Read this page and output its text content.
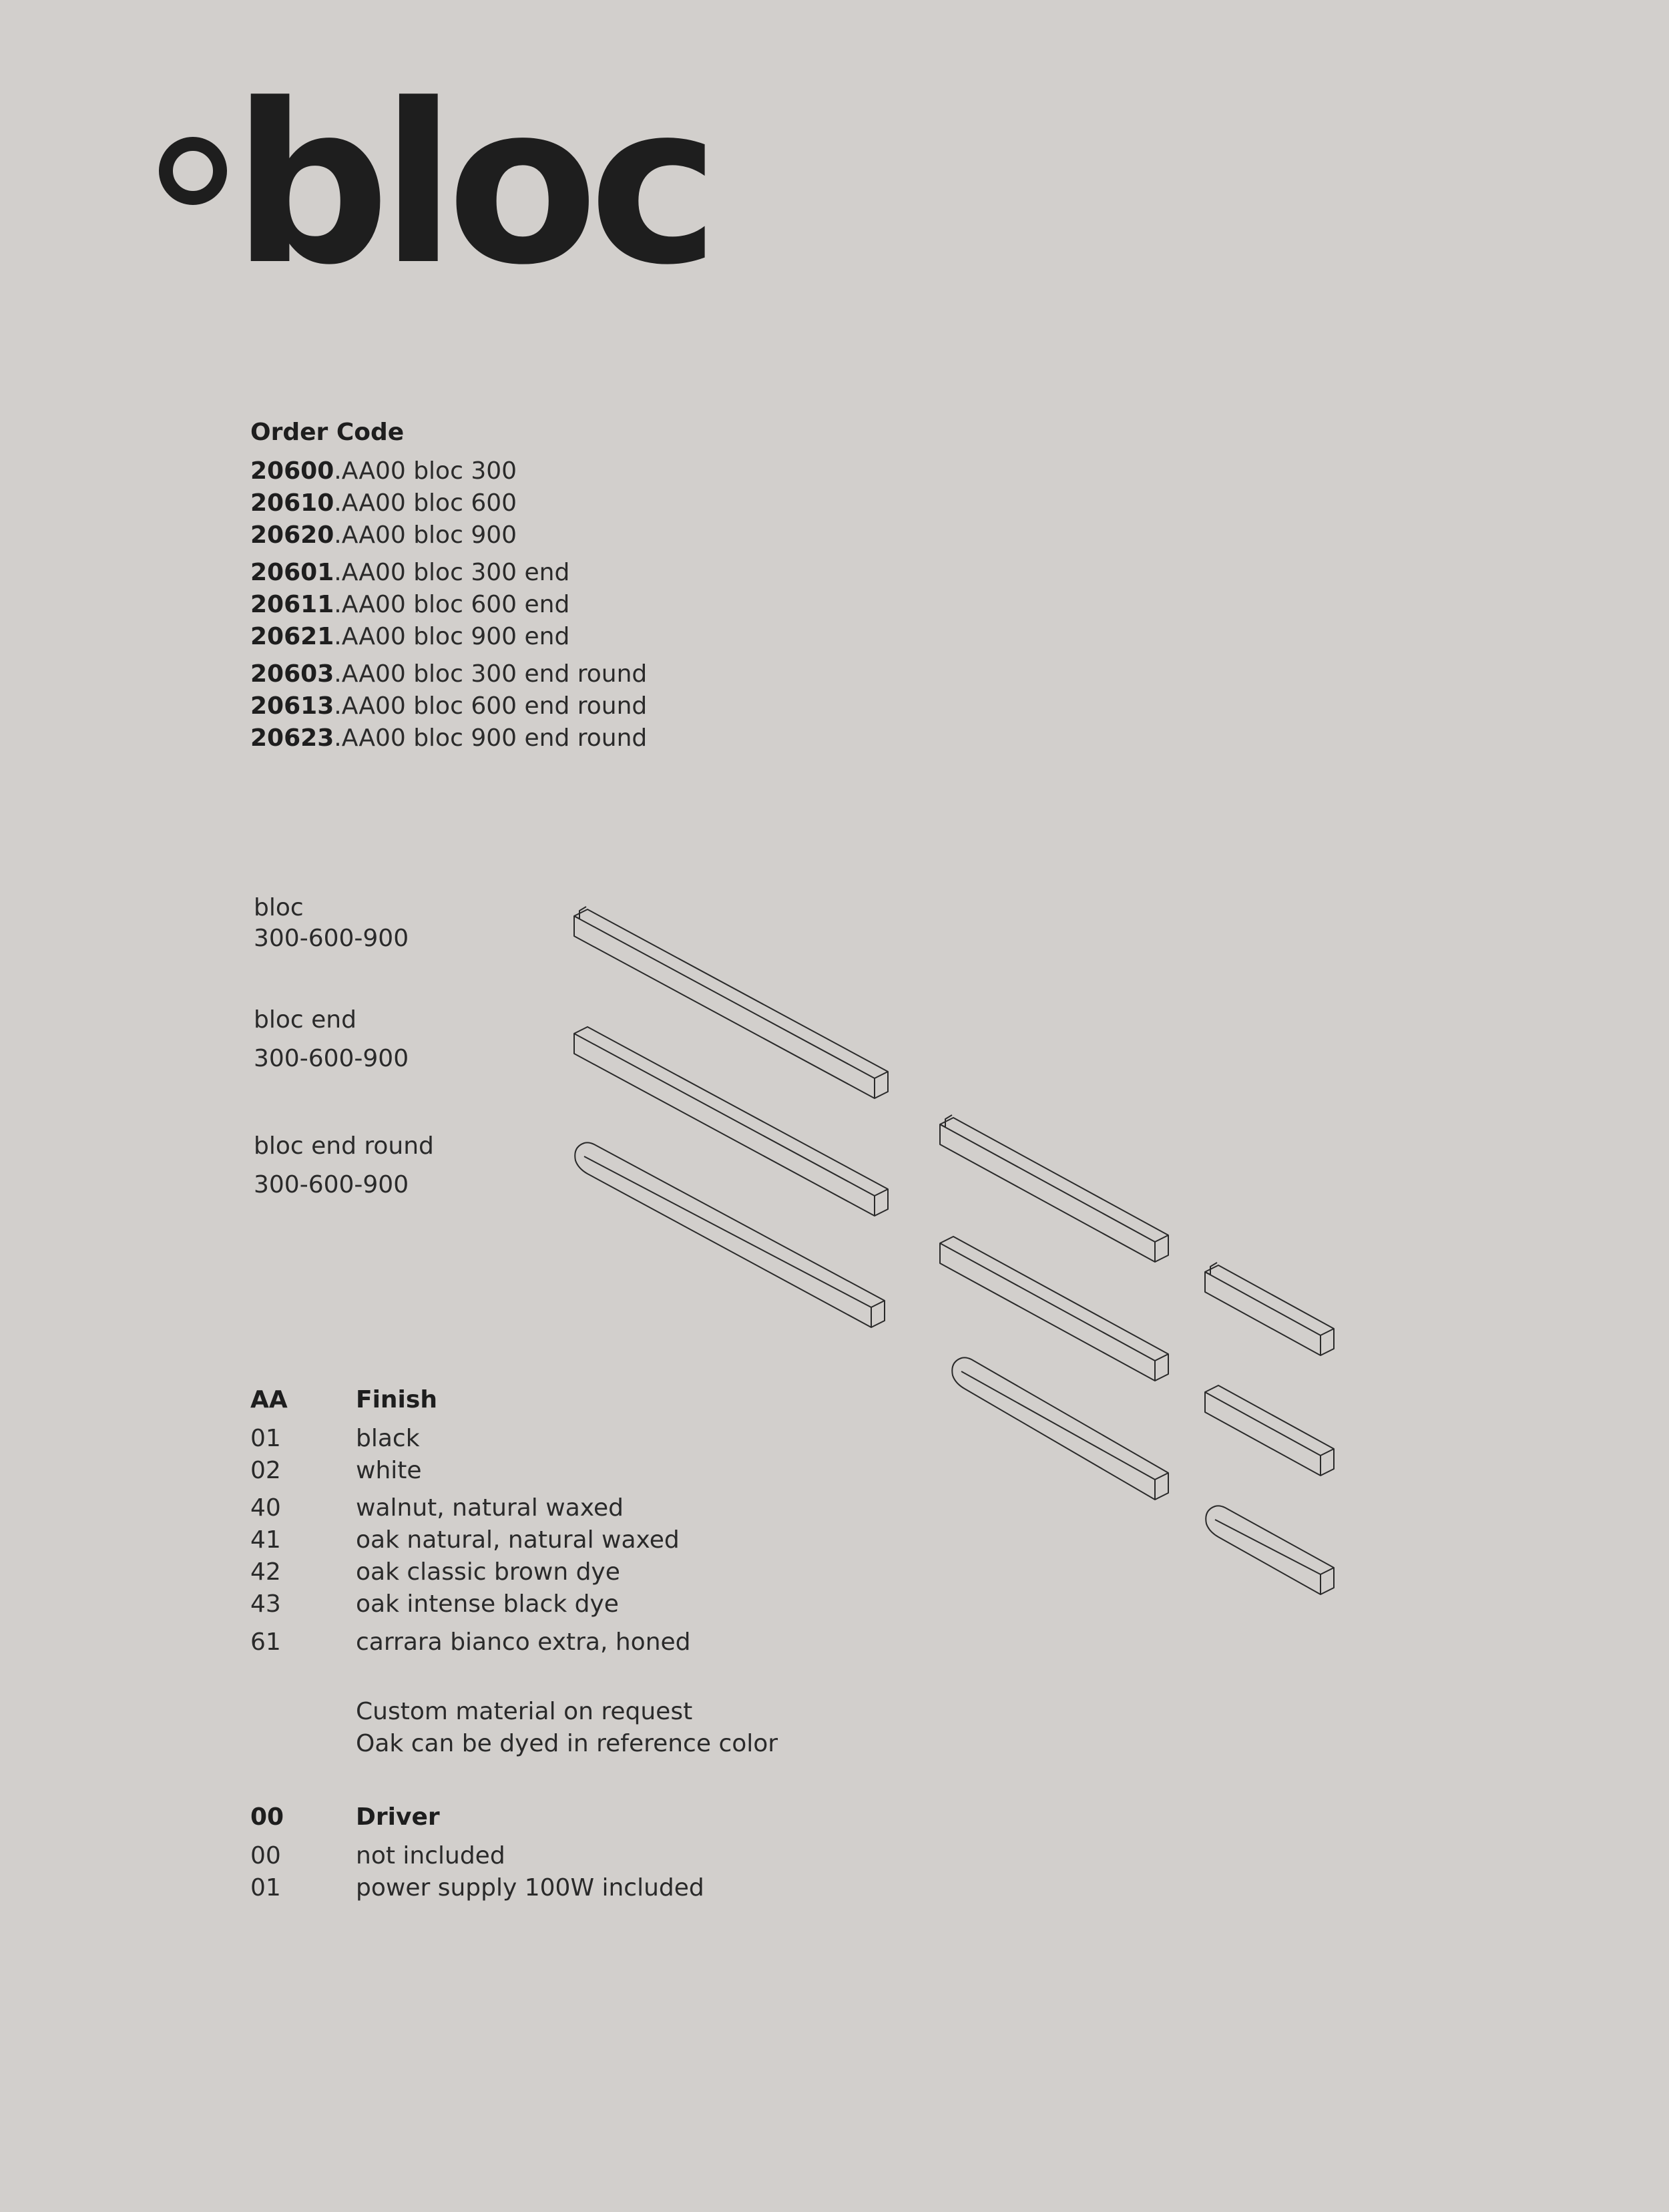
bloc
Order Code
20600.AA00 bloc 300
20610.AA00 bloc 600
20620.AA00 bloc 900
20601.AA00 bloc 300 end
20611.AA00 bloc 600 end
20621.AA00 bloc 900 end
20603.AA00 bloc 300 end round
20613.AA00 bloc 600 end round
20623.AA00 bloc 900 end round
bloc
300-600-900
bloc end
300-600-900
bloc end round
300-600-900
AA	Finish
01	black
02	white
40	walnut, natural waxed
41	oak natural, natural waxed
42	oak classic brown dye
43	oak intense black dye
61	carrara bianco extra, honed
Custom material on request
Oak can be dyed in reference color
00	Driver
00	not included
01	power supply 100W included
